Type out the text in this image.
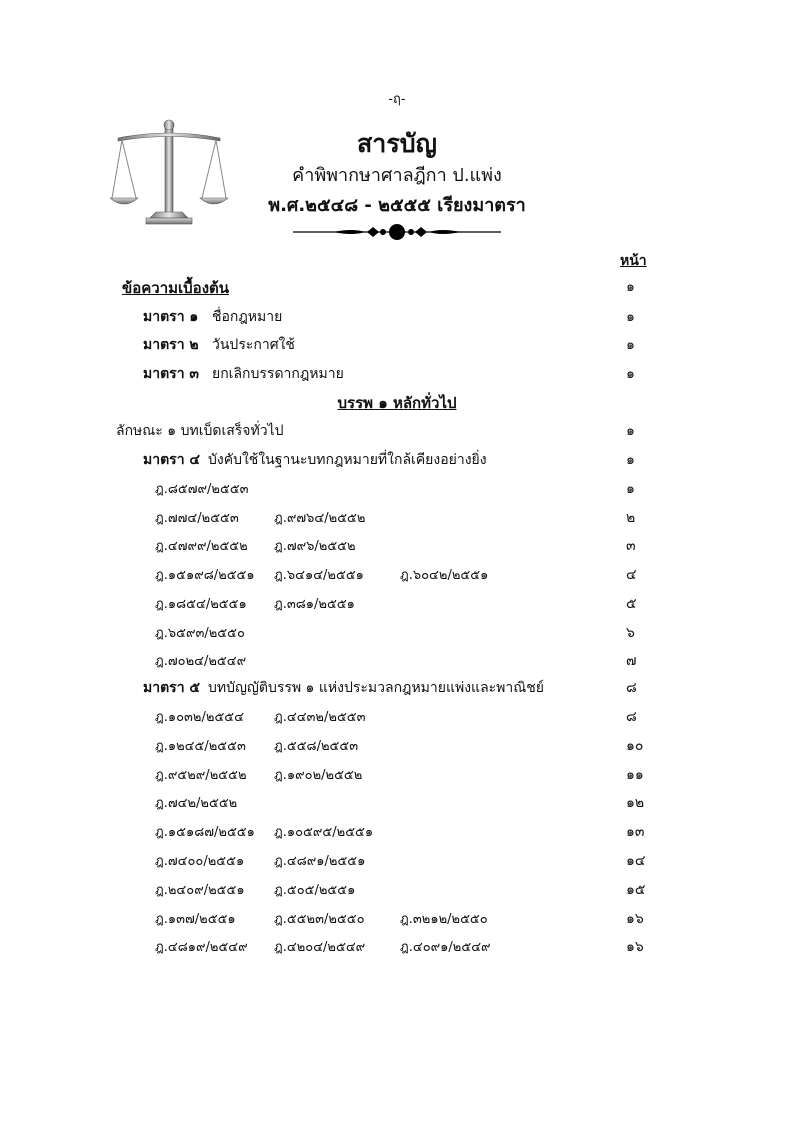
-ฤ-
สารบัญ
คำพิพากษาศาลฎีกา ป.แพ่ง
พ.ศ.๒๕๔๘ - ๒๕๕๕ เรียงมาตรา
หน้า
ข้อความเบื้องต้น	๑
มาตรา ๑ ชื่อกฎหมาย	๑
มาตรา ๒ วันประกาศใช้	๑
มาตรา ๓ ยกเลิกบรรดากฎหมาย	๑
บรรพ ๑ หลักทั่วไป
ลักษณะ ๑ บทเบ็ดเสร็จทั่วไป	๑
มาตรา ๔ บังคับใช้ในฐานะบทกฎหมายที่ใกล้เคียงอย่างยิ่ง	๑
ฎ.๘๕๗๙/๒๕๕๓	๑
ฎ.๗๗๔/๒๕๕๓	ฎ.๙๗๖๔/๒๕๕๒	๒
ฎ.๔๗๙๙/๒๕๕๒ ฎ.๗๙๖/๒๕๕๒	๓
ฎ.๑๕๑๙๘/๒๕๕๑ ฎ.๖๔๑๔/๒๕๕๑	ฎ.๖๐๔๒/๒๕๕๑	๔
ฎ.๑๘๕๔/๒๕๕๑ ฎ.๓๘๑/๒๕๕๑	๕
ฎ.๖๕๙๓/๒๕๕๐	๖
ฎ.๗๐๒๔/๒๕๔๙	๗
มาตรา ๕ บทบัญญัติบรรพ ๑ แห่งประมวลกฎหมายแพ่งและพาณิชย์	๘
ฎ.๑๐๓๒/๒๕๕๔ ฎ.๔๔๓๒/๒๕๕๓	๘
ฎ.๑๒๔๕/๒๕๕๓ ฎ.๕๕๘/๒๕๕๓	๑๐
ฎ.๙๕๒๙/๒๕๕๒ ฎ.๑๙๐๒/๒๕๕๒	๑๑
ฎ.๗๔๒/๒๕๕๒	๑๒
ฎ.๑๕๑๘๗/๒๕๕๑ ฎ.๑๐๕๙๕/๒๕๕๑	๑๓
ฎ.๗๔๐๐/๒๕๕๑ ฎ.๔๘๙๑/๒๕๕๑	๑๔
ฎ.๒๔๐๙/๒๕๕๑ ฎ.๕๐๕/๒๕๕๑	๑๕
ฎ.๑๓๗/๒๕๕๑	ฎ.๕๕๒๓/๒๕๕๐	ฎ.๓๒๑๒/๒๕๕๐	๑๖
ฎ.๔๘๑๙/๒๕๔๙ ฎ.๔๒๐๔/๒๕๔๙	ฎ.๔๐๙๑/๒๕๔๙	๑๖
